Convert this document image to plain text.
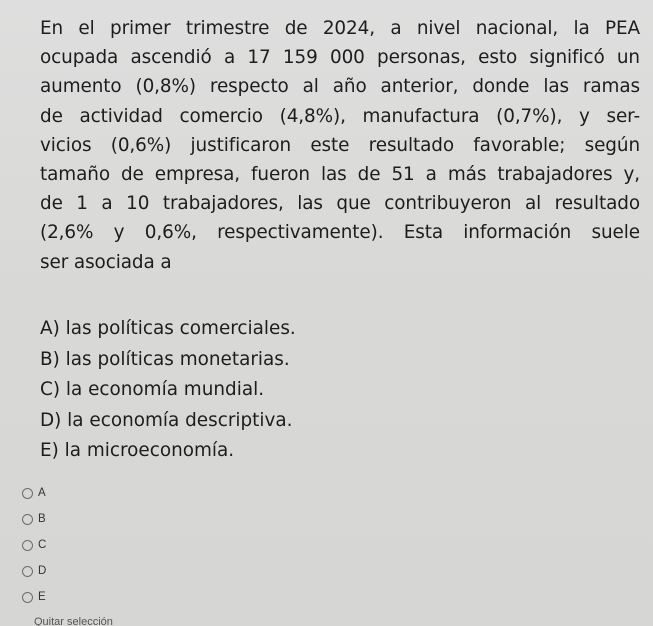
En el primer trimestre de 2024, a nivel nacional, la PEA
ocupada ascendió a 17 159 000 personas, esto significó un
aumento (0,8%) respecto al año anterior, donde las ramas
de actividad comercio (4,8%), manufactura (0,7%), y ser-
vicios (0,6%) justificaron este resultado favorable; según
tamaño de empresa, fueron las de 51 a más trabajadores y,
de 1 a 10 trabajadores, las que contribuyeron al resultado
(2,6% y 0,6%, respectivamente). Esta información suele
ser asociada a
A) las políticas comerciales.
B) las políticas monetarias.
C) la economía mundial.
D) la economía descriptiva.
E) la microeconomía.
A
B
C
D
E
Quitar selección
